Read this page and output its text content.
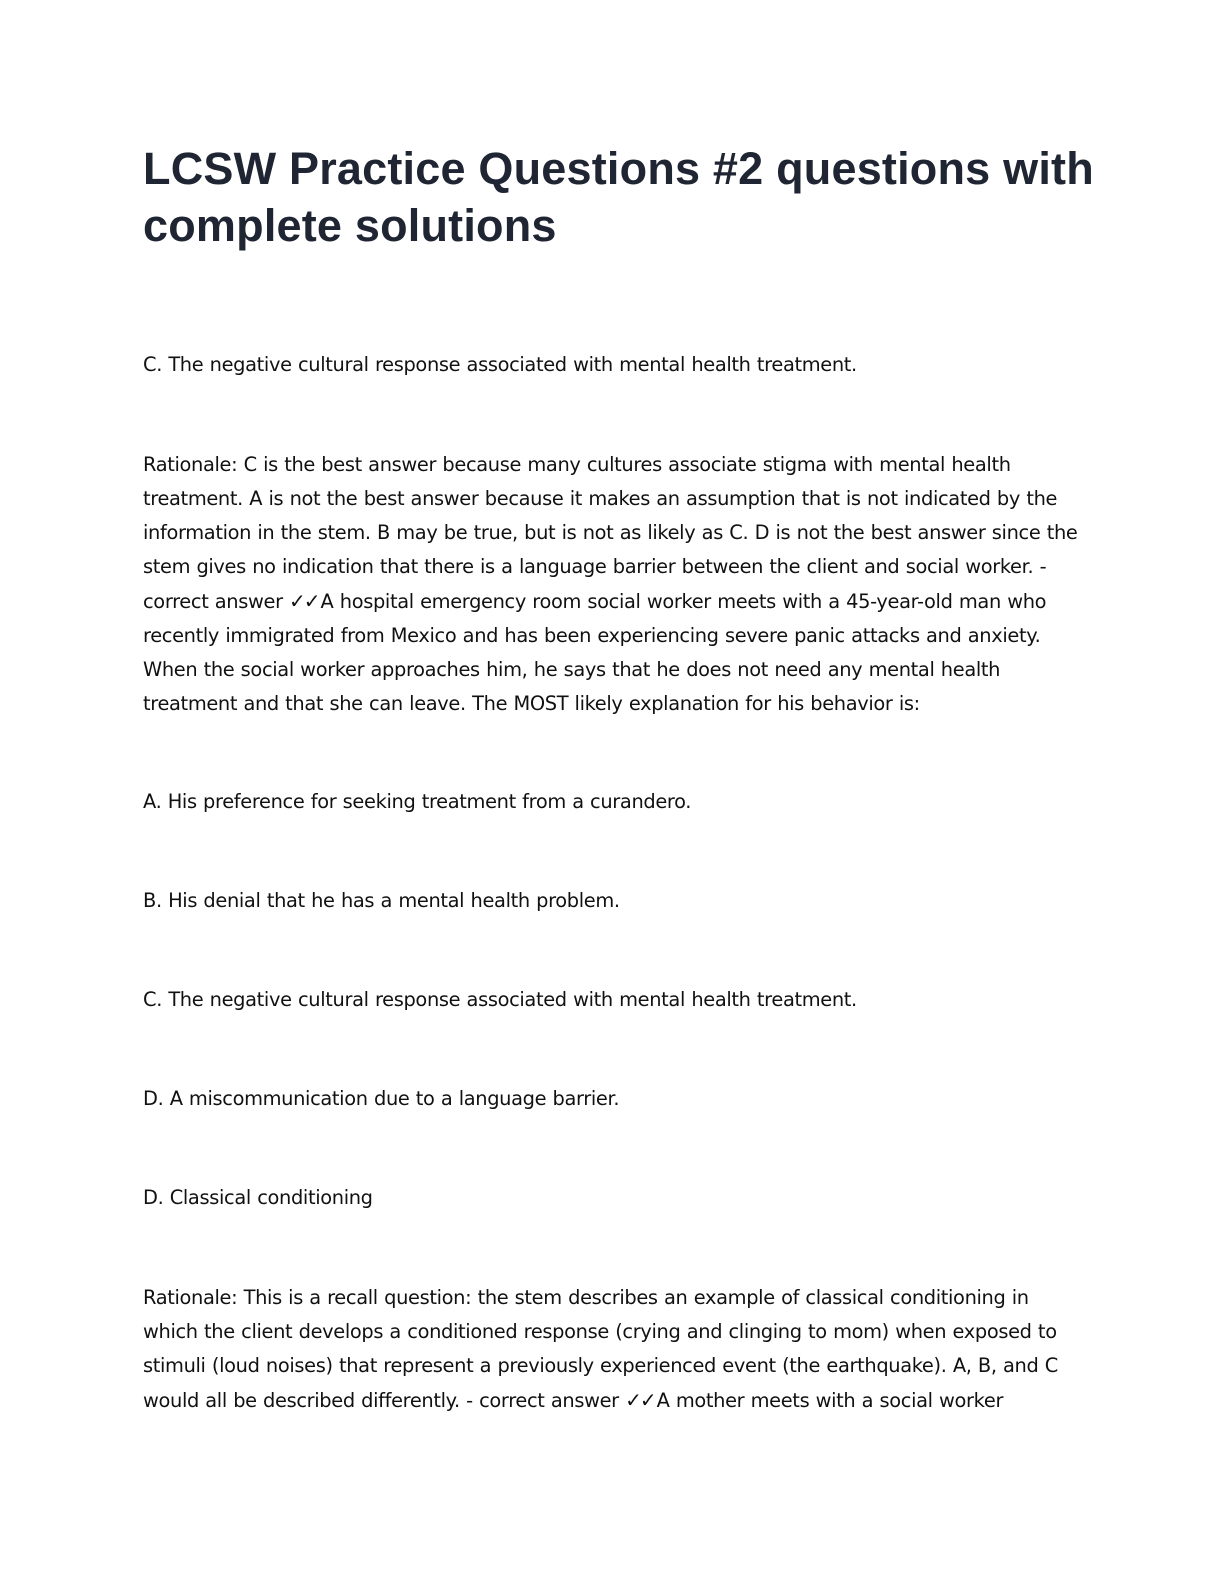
LCSW Practice Questions #2 questions with complete solutions

C. The negative cultural response associated with mental health treatment.

Rationale: C is the best answer because many cultures associate stigma with mental health treatment. A is not the best answer because it makes an assumption that is not indicated by the information in the stem. B may be true, but is not as likely as C. D is not the best answer since the stem gives no indication that there is a language barrier between the client and social worker. - correct answer ✓✓ A hospital emergency room social worker meets with a 45-year-old man who recently immigrated from Mexico and has been experiencing severe panic attacks and anxiety. When the social worker approaches him, he says that he does not need any mental health treatment and that she can leave. The MOST likely explanation for his behavior is:

A. His preference for seeking treatment from a curandero.

B. His denial that he has a mental health problem.

C. The negative cultural response associated with mental health treatment.

D. A miscommunication due to a language barrier.

D. Classical conditioning

Rationale: This is a recall question: the stem describes an example of classical conditioning in which the client develops a conditioned response (crying and clinging to mom) when exposed to stimuli (loud noises) that represent a previously experienced event (the earthquake). A, B, and C would all be described differently. - correct answer ✓✓ A mother meets with a social worker
